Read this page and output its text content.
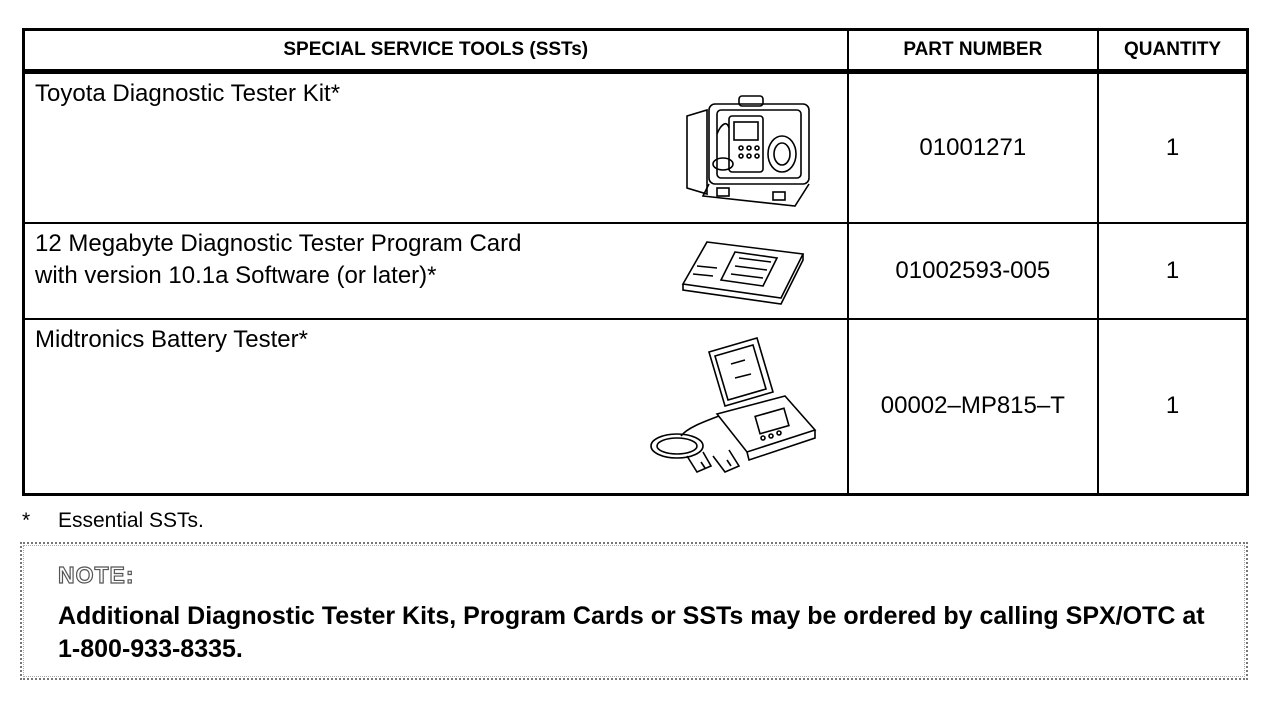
SPECIAL SERVICE TOOLS (SSTs)	PART NUMBER	QUANTITY

Toyota Diagnostic Tester Kit*	01001271	1

12 Megabyte Diagnostic Tester Program Card
with version 10.1a Software (or later)*	01002593-005	1

Midtronics Battery Tester*	00002–MP815–T	1
* Essential SSTs.
NOTE:
Additional Diagnostic Tester Kits, Program Cards or SSTs may be ordered by calling SPX/OTC at 1-800-933-8335.
